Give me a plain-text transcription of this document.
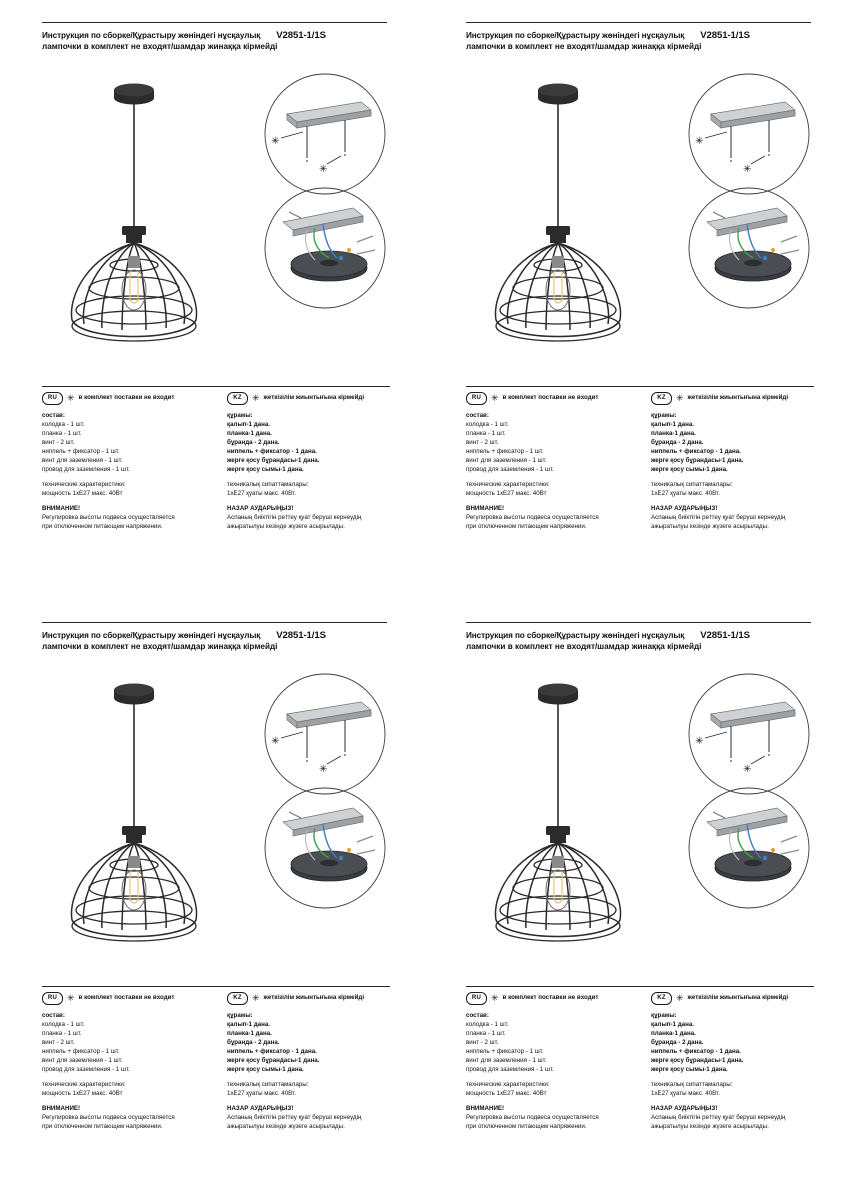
Инструкция по сборке/Құрастыру жөніндегі нұсқаулық V2851-1/1S
лампочки в комплект не входят/шамдар жинаққа кірмейді
✳
✳
RU	✳ в комплект поставки не входит

состав:

колодка - 1 шт.

планка - 1 шт.

винт - 2 шт.

ниппель + фиксатор - 1 шт.

винт для заземления - 1 шт.

провод для заземления - 1 шт.

технические характеристики:

мощность 1xE27 макс. 40Вт

ВНИМАНИЕ!

Регулировка высоты подвеса осуществляется

при отключенном питающем напряжении.

KZ	✳ жеткізілім жиынтығына кірмейді

құрамы:

қалып-1 дана.

планка-1 дана.

бұранда - 2 дана.

ниппель + фиксатор - 1 дана.

жерге қосу бұрандасы-1 дана.

жерге қосу сымы-1 дана.

техникалық сипаттамалары:

1xE27 қуаты макс. 40Вт.

НАЗАР АУДАРЫҢЫЗ!

Аспаның биіктігін реттеу қуат беруші кернеудің

ажыратылуы кезінде жүзеге асырылады.

Инструкция по сборке/Құрастыру жөніндегі нұсқаулық V2851-1/1S
лампочки в комплект не входят/шамдар жинаққа кірмейді
✳
✳
RU	✳ в комплект поставки не входит

состав:

колодка - 1 шт.

планка - 1 шт.

винт - 2 шт.

ниппель + фиксатор - 1 шт.

винт для заземления - 1 шт.

провод для заземления - 1 шт.

технические характеристики:

мощность 1xE27 макс. 40Вт

ВНИМАНИЕ!

Регулировка высоты подвеса осуществляется

при отключенном питающем напряжении.

KZ	✳ жеткізілім жиынтығына кірмейді

құрамы:

қалып-1 дана.

планка-1 дана.

бұранда - 2 дана.

ниппель + фиксатор - 1 дана.

жерге қосу бұрандасы-1 дана.

жерге қосу сымы-1 дана.

техникалық сипаттамалары:

1xE27 қуаты макс. 40Вт.

НАЗАР АУДАРЫҢЫЗ!

Аспаның биіктігін реттеу қуат беруші кернеудің

ажыратылуы кезінде жүзеге асырылады.

Инструкция по сборке/Құрастыру жөніндегі нұсқаулық V2851-1/1S
лампочки в комплект не входят/шамдар жинаққа кірмейді
✳
✳
RU	✳ в комплект поставки не входит

состав:

колодка - 1 шт.

планка - 1 шт.

винт - 2 шт.

ниппель + фиксатор - 1 шт.

винт для заземления - 1 шт.

провод для заземления - 1 шт.

технические характеристики:

мощность 1xE27 макс. 40Вт

ВНИМАНИЕ!

Регулировка высоты подвеса осуществляется

при отключенном питающем напряжении.

KZ	✳ жеткізілім жиынтығына кірмейді

құрамы:

қалып-1 дана.

планка-1 дана.

бұранда - 2 дана.

ниппель + фиксатор - 1 дана.

жерге қосу бұрандасы-1 дана.

жерге қосу сымы-1 дана.

техникалық сипаттамалары:

1xE27 қуаты макс. 40Вт.

НАЗАР АУДАРЫҢЫЗ!

Аспаның биіктігін реттеу қуат беруші кернеудің

ажыратылуы кезінде жүзеге асырылады.

Инструкция по сборке/Құрастыру жөніндегі нұсқаулық V2851-1/1S
лампочки в комплект не входят/шамдар жинаққа кірмейді
✳
✳
RU	✳ в комплект поставки не входит

состав:

колодка - 1 шт.

планка - 1 шт.

винт - 2 шт.

ниппель + фиксатор - 1 шт.

винт для заземления - 1 шт.

провод для заземления - 1 шт.

технические характеристики:

мощность 1xE27 макс. 40Вт

ВНИМАНИЕ!

Регулировка высоты подвеса осуществляется

при отключенном питающем напряжении.

KZ	✳ жеткізілім жиынтығына кірмейді

құрамы:

қалып-1 дана.

планка-1 дана.

бұранда - 2 дана.

ниппель + фиксатор - 1 дана.

жерге қосу бұрандасы-1 дана.

жерге қосу сымы-1 дана.

техникалық сипаттамалары:

1xE27 қуаты макс. 40Вт.

НАЗАР АУДАРЫҢЫЗ!

Аспаның биіктігін реттеу қуат беруші кернеудің

ажыратылуы кезінде жүзеге асырылады.
